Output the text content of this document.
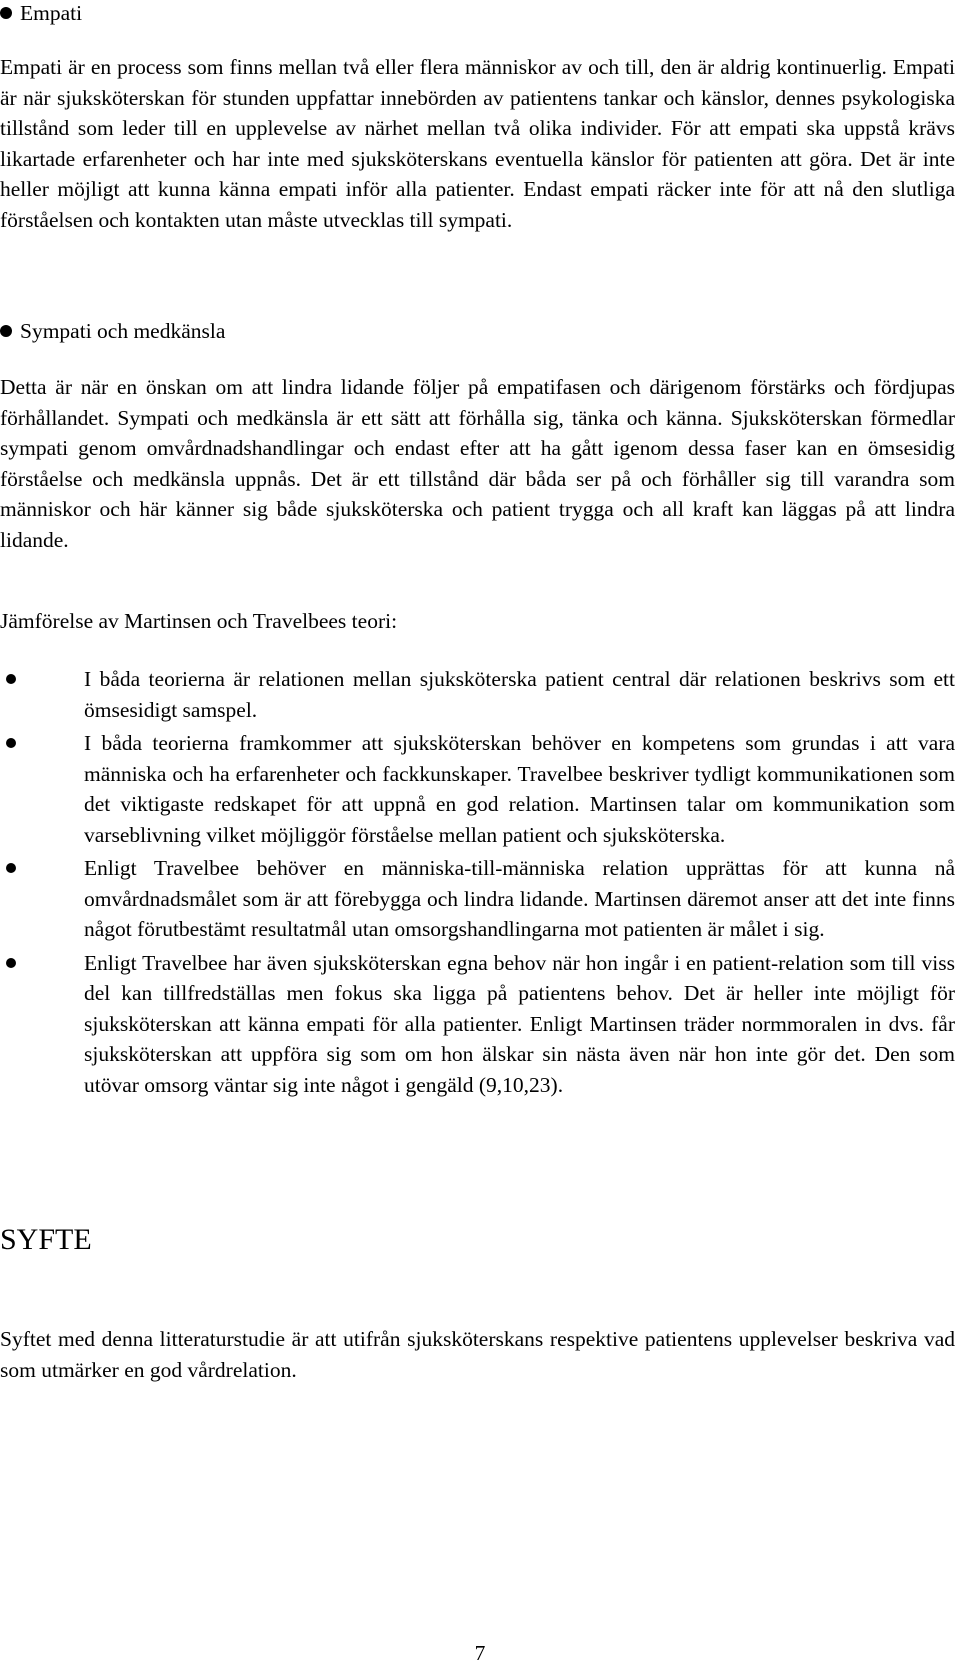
Empati

Empati är en process som finns mellan två eller flera människor av och till, den är aldrig kontinuerlig. Empati är när sjuksköterskan för stunden uppfattar innebörden av patientens tankar och känslor, dennes psykologiska tillstånd som leder till en upplevelse av närhet mellan två olika individer. För att empati ska uppstå krävs likartade erfarenheter och har inte med sjuksköterskans eventuella känslor för patienten att göra. Det är inte heller möjligt att kunna känna empati inför alla patienter. Endast empati räcker inte för att nå den slutliga förståelsen och kontakten utan måste utvecklas till sympati.

Sympati och medkänsla

Detta är när en önskan om att lindra lidande följer på empatifasen och därigenom förstärks och fördjupas förhållandet. Sympati och medkänsla är ett sätt att förhålla sig, tänka och känna. Sjuksköterskan förmedlar sympati genom omvårdnadshandlingar och endast efter att ha gått igenom dessa faser kan en ömsesidig förståelse och medkänsla uppnås. Det är ett tillstånd där båda ser på och förhåller sig till varandra som människor och här känner sig både sjuksköterska och patient trygga och all kraft kan läggas på att lindra lidande.

Jämförelse av Martinsen och Travelbees teori:
I båda teorierna är relationen mellan sjuksköterska patient central där relationen beskrivs som ett ömsesidigt samspel.
I båda teorierna framkommer att sjuksköterskan behöver en kompetens som grundas i att vara människa och ha erfarenheter och fackkunskaper. Travelbee beskriver tydligt kommunikationen som det viktigaste redskapet för att uppnå en god relation. Martinsen talar om kommunikation som varseblivning vilket möjliggör förståelse mellan patient och sjuksköterska.
Enligt Travelbee behöver en människa-till-människa relation upprättas för att kunna nå omvårdnadsmålet som är att förebygga och lindra lidande. Martinsen däremot anser att det inte finns något förutbestämt resultatmål utan omsorgshandlingarna mot patienten är målet i sig.
Enligt Travelbee har även sjuksköterskan egna behov när hon ingår i en patient-relation som till viss del kan tillfredställas men fokus ska ligga på patientens behov. Det är heller inte möjligt för sjuksköterskan att känna empati för alla patienter. Enligt Martinsen träder normmoralen in dvs. får sjuksköterskan att uppföra sig som om hon älskar sin nästa även när hon inte gör det. Den som utövar omsorg väntar sig inte något i gengäld (9,10,23).
SYFTE

Syftet med denna litteraturstudie är att utifrån sjuksköterskans respektive patientens upplevelser beskriva vad som utmärker en god vårdrelation.

7
